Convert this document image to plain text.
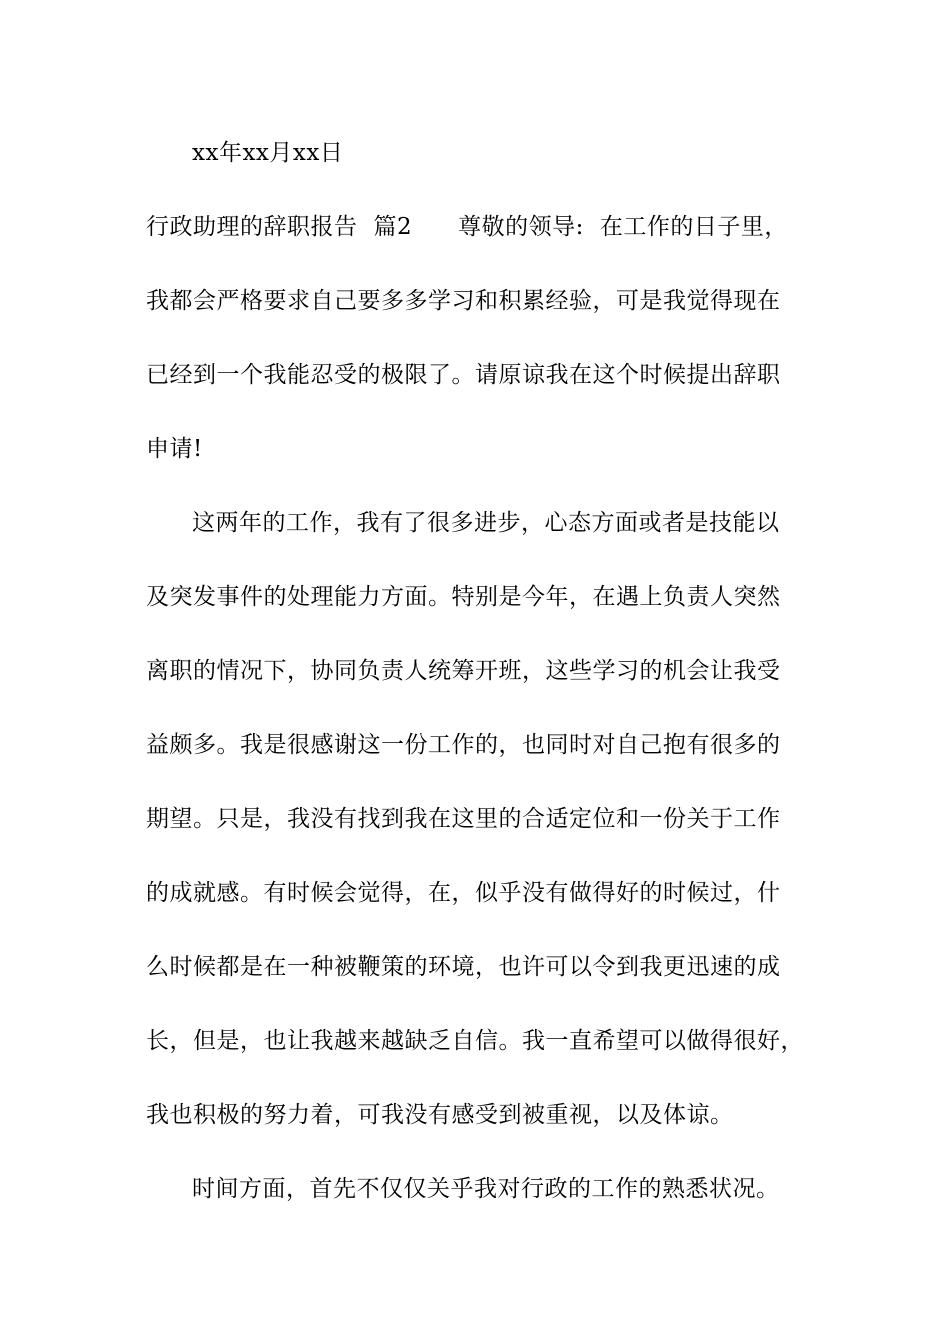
xx年xx月xx日
行政助理的辞职报告 篇2 尊敬的领导: 在工作的日子里，
我都会严格要求自己要多多学习和积累经验，可是我觉得现在
已经到一个我能忍受的极限了。请原谅我在这个时候提出辞职
申请!
这两年的工作，我有了很多进步，心态方面或者是技能以
及突发事件的处理能力方面。特别是今年，在遇上负责人突然
离职的情况下，协同负责人统筹开班，这些学习的机会让我受
益颇多。我是很感谢这一份工作的，也同时对自己抱有很多的
期望。只是，我没有找到我在这里的合适定位和一份关于工作
的成就感。有时候会觉得，在，似乎没有做得好的时候过，什
么时候都是在一种被鞭策的环境，也许可以令到我更迅速的成
长，但是，也让我越来越缺乏自信。我一直希望可以做得很好，
我也积极的努力着，可我没有感受到被重视，以及体谅。
时间方面，首先不仅仅关乎我对行政的工作的熟悉状况。
